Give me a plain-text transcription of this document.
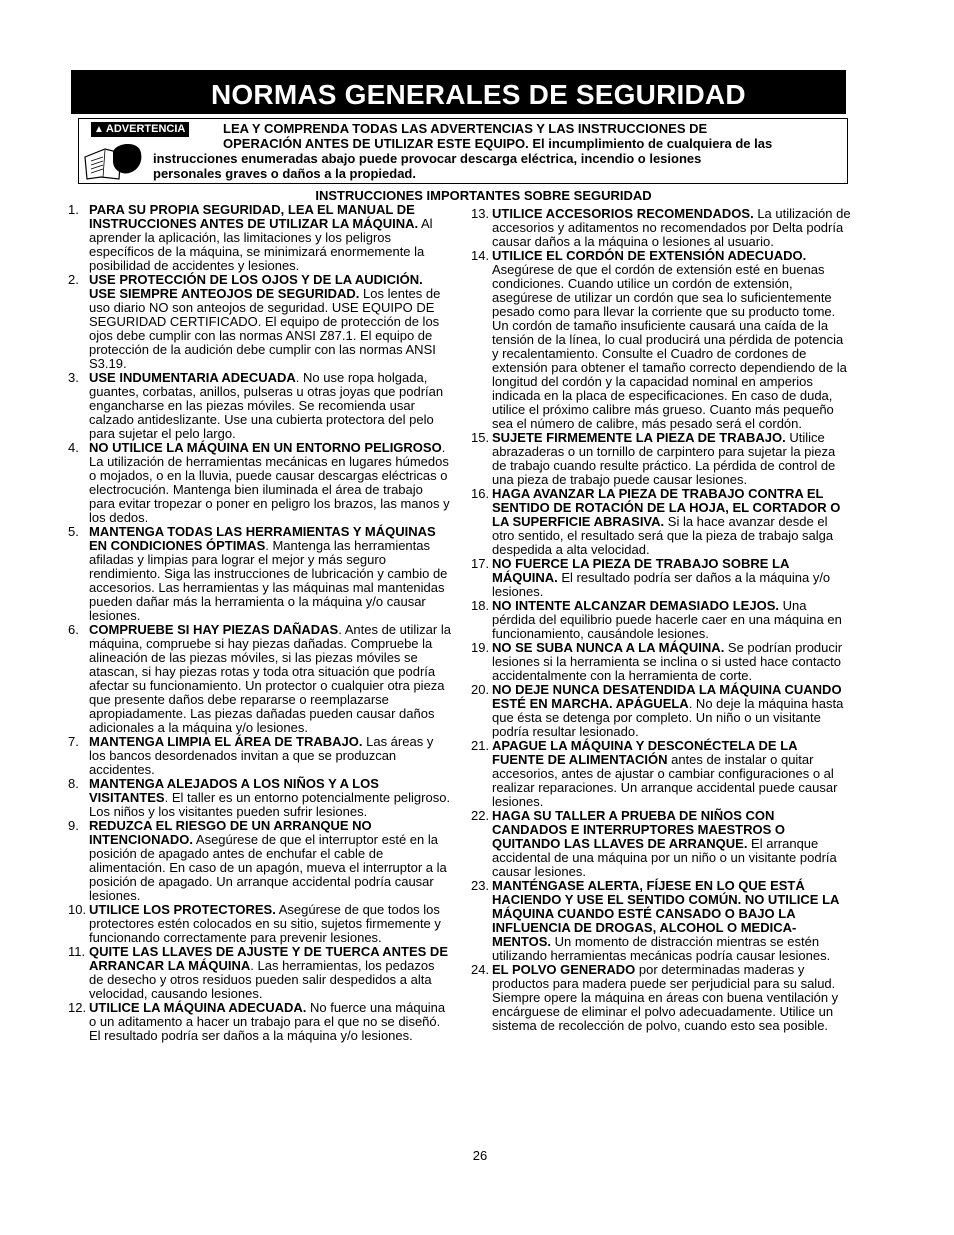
NORMAS GENERALES DE SEGURIDAD
▲ ADVERTENCIA	LEA Y COMPRENDA TODAS LAS ADVERTENCIAS Y LAS INSTRUCCIONES DE
OPERACIÓN ANTES DE UTILIZAR ESTE EQUIPO. El incumplimiento de cualquiera de las
instrucciones enumeradas abajo puede provocar descarga eléctrica, incendio o lesiones
personales graves o daños a la propiedad.
INSTRUCCIONES IMPORTANTES SOBRE SEGURIDAD
1. PARA SU PROPIA SEGURIDAD, LEA EL MANUAL DE INSTRUCCIONES ANTES DE UTILIZAR LA MÁQUINA. Al aprender la aplicación, las limitaciones y los peligros específicos de la máquina, se minimizará enormemente la posibilidad de accidentes y lesiones.
2. USE PROTECCIÓN DE LOS OJOS Y DE LA AUDICIÓN. USE SIEMPRE ANTEOJOS DE SEGURIDAD. Los lentes de uso diario NO son anteojos de seguridad. USE EQUIPO DE SEGURIDAD CERTIFICADO. El equipo de protección de los ojos debe cumplir con las normas ANSI Z87.1. El equipo de protección de la audición debe cumplir con las normas ANSI S3.19.
3. USE INDUMENTARIA ADECUADA. No use ropa holgada, guantes, corbatas, anillos, pulseras u otras joyas que podrían engancharse en las piezas móviles. Se recomienda usar calzado antideslizante. Use una cubierta protectora del pelo para sujetar el pelo largo.
4. NO UTILICE LA MÁQUINA EN UN ENTORNO PELIGROSO. La utilización de herramientas mecánicas en lugares húmedos o mojados, o en la lluvia, puede causar descargas eléctricas o electrocución. Mantenga bien iluminada el área de trabajo para evitar tropezar o poner en peligro los brazos, las manos y los dedos.
5. MANTENGA TODAS LAS HERRAMIENTAS Y MÁQUINAS EN CONDICIONES ÓPTIMAS. Mantenga las herramientas afiladas y limpias para lograr el mejor y más seguro rendimiento. Siga las instrucciones de lubricación y cambio de accesorios. Las herramientas y las máquinas mal mantenidas pueden dañar más la herramienta o la máquina y/o causar lesiones.
6. COMPRUEBE SI HAY PIEZAS DAÑADAS. Antes de utilizar la máquina, compruebe si hay piezas dañadas. Compruebe la alineación de las piezas móviles, si las piezas móviles se atascan, si hay piezas rotas y toda otra situación que podría afectar su funcionamiento. Un protector o cualquier otra pieza que presente daños debe repararse o reemplazarse apropiadamente. Las piezas dañadas pueden causar daños adicionales a la máquina y/o lesiones.
7. MANTENGA LIMPIA EL ÁREA DE TRABAJO. Las áreas y los bancos desordenados invitan a que se produzcan accidentes.
8. MANTENGA ALEJADOS A LOS NIÑOS Y A LOS VISITANTES. El taller es un entorno potencialmente peligroso. Los niños y los visitantes pueden sufrir lesiones.
9. REDUZCA EL RIESGO DE UN ARRANQUE NO INTENCIONADO. Asegúrese de que el interruptor esté en la posición de apagado antes de enchufar el cable de alimentación. En caso de un apagón, mueva el interruptor a la posición de apagado. Un arranque accidental podría causar lesiones.
10. UTILICE LOS PROTECTORES. Asegúrese de que todos los protectores estén colocados en su sitio, sujetos firmemente y funcionando correctamente para prevenir lesiones.
11. QUITE LAS LLAVES DE AJUSTE Y DE TUERCA ANTES DE ARRANCAR LA MÁQUINA. Las herramientas, los pedazos de desecho y otros residuos pueden salir despedidos a alta velocidad, causando lesiones.
12. UTILICE LA MÁQUINA ADECUADA. No fuerce una máquina o un aditamento a hacer un trabajo para el que no se diseñó. El resultado podría ser daños a la máquina y/o lesiones.
13. UTILICE ACCESORIOS RECOMENDADOS. La utilización de accesorios y aditamentos no recomendados por Delta podría causar daños a la máquina o lesiones al usuario.
14. UTILICE EL CORDÓN DE EXTENSIÓN ADECUADO. Asegúrese de que el cordón de extensión esté en buenas condiciones. Cuando utilice un cordón de extensión, asegúrese de utilizar un cordón que sea lo suficientemente pesado como para llevar la corriente que su producto tome. Un cordón de tamaño insuficiente causará una caída de la tensión de la línea, lo cual producirá una pérdida de potencia y recalentamiento. Consulte el Cuadro de cordones de extensión para obtener el tamaño correcto dependiendo de la longitud del cordón y la capacidad nominal en amperios indicada en la placa de especificaciones. En caso de duda, utilice el próximo calibre más grueso. Cuanto más pequeño sea el número de calibre, más pesado será el cordón.
15. SUJETE FIRMEMENTE LA PIEZA DE TRABAJO. Utilice abrazaderas o un tornillo de carpintero para sujetar la pieza de trabajo cuando resulte práctico. La pérdida de control de una pieza de trabajo puede causar lesiones.
16. HAGA AVANZAR LA PIEZA DE TRABAJO CONTRA EL SENTIDO DE ROTACIÓN DE LA HOJA, EL CORTADOR O LA SUPERFICIE ABRASIVA. Si la hace avanzar desde el otro sentido, el resultado será que la pieza de trabajo salga despedida a alta velocidad.
17. NO FUERCE LA PIEZA DE TRABAJO SOBRE LA MÁQUINA. El resultado podría ser daños a la máquina y/o lesiones.
18. NO INTENTE ALCANZAR DEMASIADO LEJOS. Una pérdida del equilibrio puede hacerle caer en una máquina en funcionamiento, causándole lesiones.
19. NO SE SUBA NUNCA A LA MÁQUINA. Se podrían producir lesiones si la herramienta se inclina o si usted hace contacto accidentalmente con la herramienta de corte.
20. NO DEJE NUNCA DESATENDIDA LA MÁQUINA CUANDO ESTÉ EN MARCHA. APÁGUELA. No deje la máquina hasta que ésta se detenga por completo. Un niño o un visitante podría resultar lesionado.
21. APAGUE LA MÁQUINA Y DESCONÉCTELA DE LA FUENTE DE ALIMENTACIÓN antes de instalar o quitar accesorios, antes de ajustar o cambiar configuraciones o al realizar reparaciones. Un arranque accidental puede causar lesiones.
22. HAGA SU TALLER A PRUEBA DE NIÑOS CON CANDADOS E INTERRUPTORES MAESTROS O QUITANDO LAS LLAVES DE ARRANQUE. El arranque accidental de una máquina por un niño o un visitante podría causar lesiones.
23. MANTÉNGASE ALERTA, FÍJESE EN LO QUE ESTÁ HACIENDO Y USE EL SENTIDO COMÚN. NO UTILICE LA MÁQUINA CUANDO ESTÉ CANSADO O BAJO LA INFLUENCIA DE DROGAS, ALCOHOL O MEDICA-MENTOS. Un momento de distracción mientras se estén utilizando herramientas mecánicas podría causar lesiones.
24. EL POLVO GENERADO por determinadas maderas y productos para madera puede ser perjudicial para su salud. Siempre opere la máquina en áreas con buena ventilación y encárguese de eliminar el polvo adecuadamente. Utilice un sistema de recolección de polvo, cuando esto sea posible.
26
